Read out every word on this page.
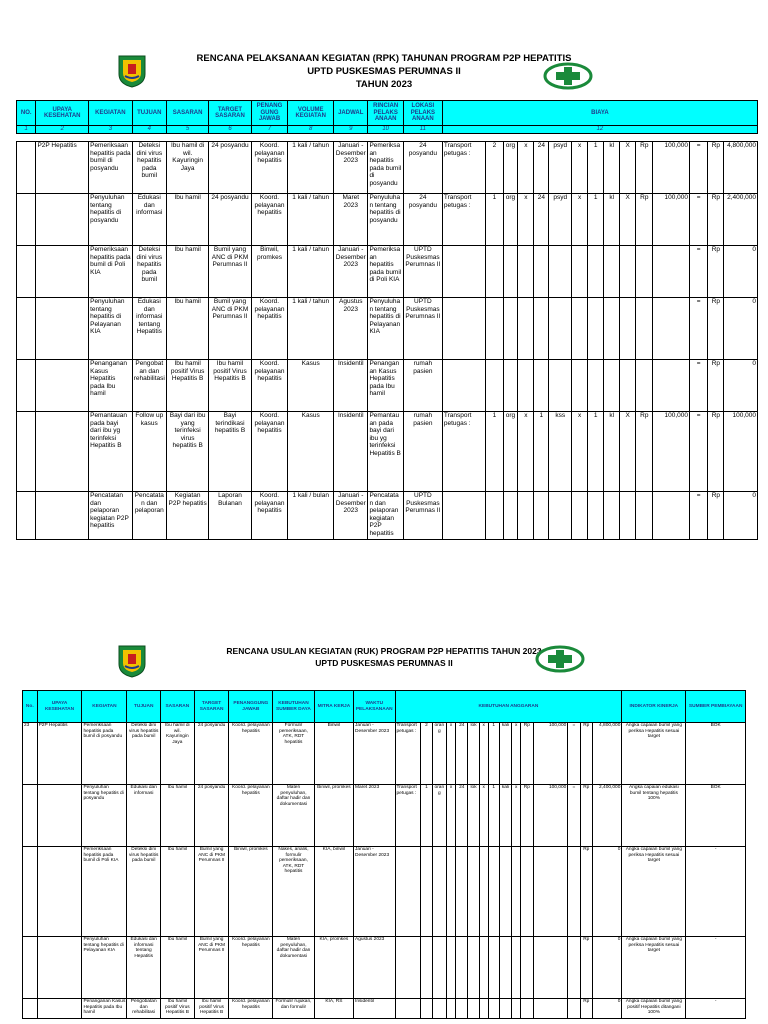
RENCANA PELAKSANAAN KEGIATAN (RPK) TAHUNAN PROGRAM P2P HEPATITIS
UPTD PUSKESMAS PERUMNAS II
TAHUN 2023
NO.	UPAYA KESEHATAN	KEGIATAN	TUJUAN	SASARAN	TARGET SASARAN	PENANG GUNG JAWAB	VOLUME KEGIATAN	JADWAL	RINCIAN PELAKS ANAAN	LOKASI PELAKS ANAAN	BIAYA														
1	2	3	4	5	6	7	8	9	10	11	12														

	P2P Hepatitis	Pemeriksaan hepatitis pada bumil di posyandu	Deteksi dini virus hepatitis pada bumil	Ibu hamil di wil. Kayuringin Jaya	24 posyandu	Koord. pelayanan hepatitis	1 kali / tahun	Januari - Desember 2023	Pemeriksaan hepatitis pada bumil di posyandu	24 posyandu	Transport petugas :	2	org	x	24	psyd	x	1	kl	X	Rp	100,000	=	Rp	4,800,000
		Penyuluhan tentang hepatitis di posyandu	Edukasi dan informasi	Ibu hamil	24 posyandu	Koord. pelayanan hepatitis	1 kali / tahun	Maret 2023	Penyuluhan tentang hepatitis di posyandu	24 posyandu	Transport petugas :	1	org	x	24	psyd	x	1	kl	X	Rp	100,000	=	Rp	2,400,000
		Pemeriksaan hepatitis pada bumil di Poli KIA	Deteksi dini virus hepatitis pada bumil	Ibu hamil	Bumil yang ANC di PKM Perumnas II	Binwil, promkes	1 kali / tahun	Januari - Desember 2023	Pemeriksaan hepatitis pada bumil di Poli KIA	UPTD Puskesmas Perumnas II													=	Rp	0
		Penyuluhan tentang hepatitis di Pelayanan KIA	Edukasi dan informasi tentang Hepatitis	Ibu hamil	Bumil yang ANC di PKM Perumnas II	Koord. pelayanan hepatitis	1 kali / tahun	Agustus 2023	Penyuluhan tentang hepatitis di Pelayanan KIA	UPTD Puskesmas Perumnas II													=	Rp	0
		Penanganan Kasus Hepatitis pada Ibu hamil	Pengobatan dan rehabilitasi	Ibu hamil positif Virus Hepatitis B	Ibu hamil positif Virus Hepatitis B	Koord. pelayanan hepatitis	Kasus	Insidentil	Penanganan Kasus Hepatitis pada Ibu hamil	rumah pasien													=	Rp	0
		Pemantauan pada bayi dari ibu yg terinfeksi Hepatitis B	Follow up kasus	Bayi dari ibu yang terinfeksi virus hepatitis B	Bayi terindikasi hepatitis B	Koord. pelayanan hepatitis	Kasus	Insidentil	Pemantauan pada bayi dari ibu yg terinfeksi Hepatitis B	rumah pasien	Transport petugas :	1	org	x	1	kss	x	1	kl	X	Rp	100,000	=	Rp	100,000
		Pencatatan dan pelaporan kegiatan P2P hepatitis	Pencatatan dan pelaporan	Kegiatan P2P hepatitis	Laporan Bulanan	Koord. pelayanan hepatitis	1 kali / bulan	Januari - Desember 2023	Pencatatan dan pelaporan kegiatan P2P hepatitis	UPTD Puskesmas Perumnas II													=	Rp	0
RENCANA USULAN KEGIATAN (RUK) PROGRAM P2P HEPATITIS TAHUN 2023
UPTD PUSKESMAS PERUMNAS II
No.	UPAYA KESEHATAN	KEGIATAN	TUJUAN	SASARAN	TARGET SASARAN	PENANGGUNG JAWAB	KEBUTUHAN SUMBER DAYA	MITRA KERJA	WAKTU PELAKSANAAN	KEBUTUHAN ANGGARAN															INDIKATOR KINERJA	SUMBER PEMBIAYAAN
23	P2P Hepatitis	Pemeriksaan hepatitis pada bumil di posyandu	Deteksi dini virus hepatitis pada bumil	Ibu hamil di wil. Kayuringin Jaya	24 posyandu	Koord. pelayanan hepatitis	Formulir pemeriksaan, ATK, RDT hepatitis	Binwil	Januari - Desember 2023	Transport petugas :	2	orang	x	24	lok	x	1	kali	x	Rp	100,000	=	Rp	4,800,000	Angka capaian bumil yang periksa Hepatitis sesuai target	BOK
		Penyuluhan tentang hepatitis di posyandu	Edukasi dan informasi	Ibu hamil	24 posyandu	Koord. pelayanan hepatitis	Materi penyuluhan, daftar hadir dan dokumentasi	Binwil, promkes	Maret 2023	Transport petugas :	1	orang	x	24	lok	x	1	kali	x	Rp	100,000	=	Rp	2,400,000	Angka capaian edukasi bumil tentang hepatitis 100%	BOK
		Pemeriksaan hepatitis pada bumil di Poli KIA	Deteksi dini virus hepatitis pada bumil	Ibu hamil	Bumil yang ANC di PKM Perumnas II	Binwil, promkes	Nakes, analis, formulir pemeriksaan, ATK, RDT hepatitis	KIA, binwil	Januari - Desember 2023														Rp	0	Angka capaian bumil yang periksa Hepatitis sesuai target	-
		Penyuluhan tentang hepatitis di Pelayanan KIA	Edukasi dan informasi tentang Hepatitis	Ibu hamil	Bumil yang ANC di PKM Perumnas II	Koord. pelayanan hepatitis	Materi penyuluhan, daftar hadir dan dokumentasi	KIA, promkes	Agustus 2023														Rp	0	Angka capaian bumil yang periksa Hepatitis sesuai target	-
		Penanganan Kasus Hepatitis pada Ibu hamil	Pengobatan dan rehabilitasi	Ibu hamil positif Virus Hepatitis B	Ibu hamil positif Virus Hepatitis B	Koord. pelayanan hepatitis	Formulir rujukan, dan formulir	KIA, RS	Insidentil														Rp	0	Angka capaian bumil yang positif Hepatitis ditangani 100%	-
